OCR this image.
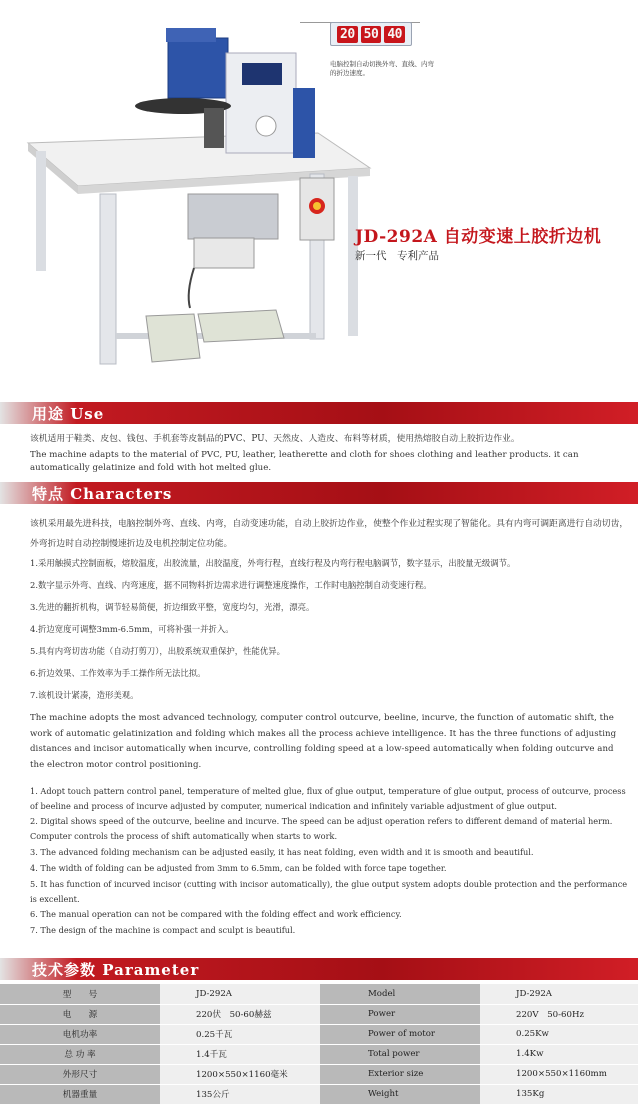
20 50 40
电脑控制自动切换外弯、直线、内弯的折边速度。
JD-292A 自动变速上胶折边机
新一代　专利产品
用途 Use
该机适用于鞋类、皮包、钱包、手机套等皮制品的PVC、PU、天然皮、人造皮、布料等材质，使用热熔胶自动上胶折边作业。
The machine adapts to the material of PVC, PU, leather, leatherette and cloth for shoes clothing and leather products. it can automatically gelatinize and fold with hot melted glue.
特点 Characters
该机采用最先进科技，电脑控制外弯、直线、内弯，自动变速功能，自动上胶折边作业，使整个作业过程实现了智能化。具有内弯可调距离进行自动切齿，外弯折边时自动控制慢速折边及电机控制定位功能。
1.采用触摸式控制面板，熔胶温度，出胶流量，出胶温度，外弯行程，直线行程及内弯行程电脑调节，数字显示，出胶量无级调节。
2.数字显示外弯、直线、内弯速度，据不同物料折边需求进行调整速度操作，工作时电脑控制自动变速行程。
3.先进的翻折机构，调节轻易简便，折边细致平整，宽度均匀，光滑，漂亮。
4.折边宽度可调整3mm-6.5mm，可将补强一并折入。
5.具有内弯切齿功能（自动打剪刀），出胶系统双重保护，性能优异。
6.折边效果、工作效率为手工操作所无法比拟。
7.该机设计紧凑，造形美观。
The machine adopts the most advanced technology, computer control outcurve, beeline, incurve, the function of automatic shift, the work of automatic gelatinization and folding which makes all the process achieve intelligence. It has the three functions of adjusting distances and incisor automatically when incurve, controlling folding speed at a low-speed automatically when folding outcurve and the electron motor control positioning.
1. Adopt touch pattern control panel, temperature of melted glue, flux of glue output, temperature of glue output, process of outcurve, process of beeline and process of incurve adjusted by computer, numerical indication and infinitely variable adjustment of glue output.
2. Digital shows speed of the outcurve, beeline and incurve. The speed can be adjust operation refers to different demand of material herm. Computer controls the process of shift automatically when starts to work.
3. The advanced folding mechanism can be adjusted easily, it has neat folding, even width and it is smooth and beautiful.
4. The width of folding can be adjusted from 3mm to 6.5mm, can be folded with force tape together.
5. It has function of incurved incisor (cutting with incisor automatically), the glue output system adopts double protection and the performance is excellent.
6. The manual operation can not be compared with the folding effect and work efficiency.
7. The design of the machine is compact and sculpt is beautiful.
技术参数 Parameter
型　　号	JD-292A	Model	JD-292A
电　　源	220伏　50-60赫兹	Power	220V　50-60Hz
电机功率	0.25千瓦	Power of motor	0.25Kw
总 功 率	1.4千瓦	Total power	1.4Kw
外形尺寸	1200×550×1160毫米	Exterior size	1200×550×1160mm
机器重量	135公斤	Weight	135Kg
